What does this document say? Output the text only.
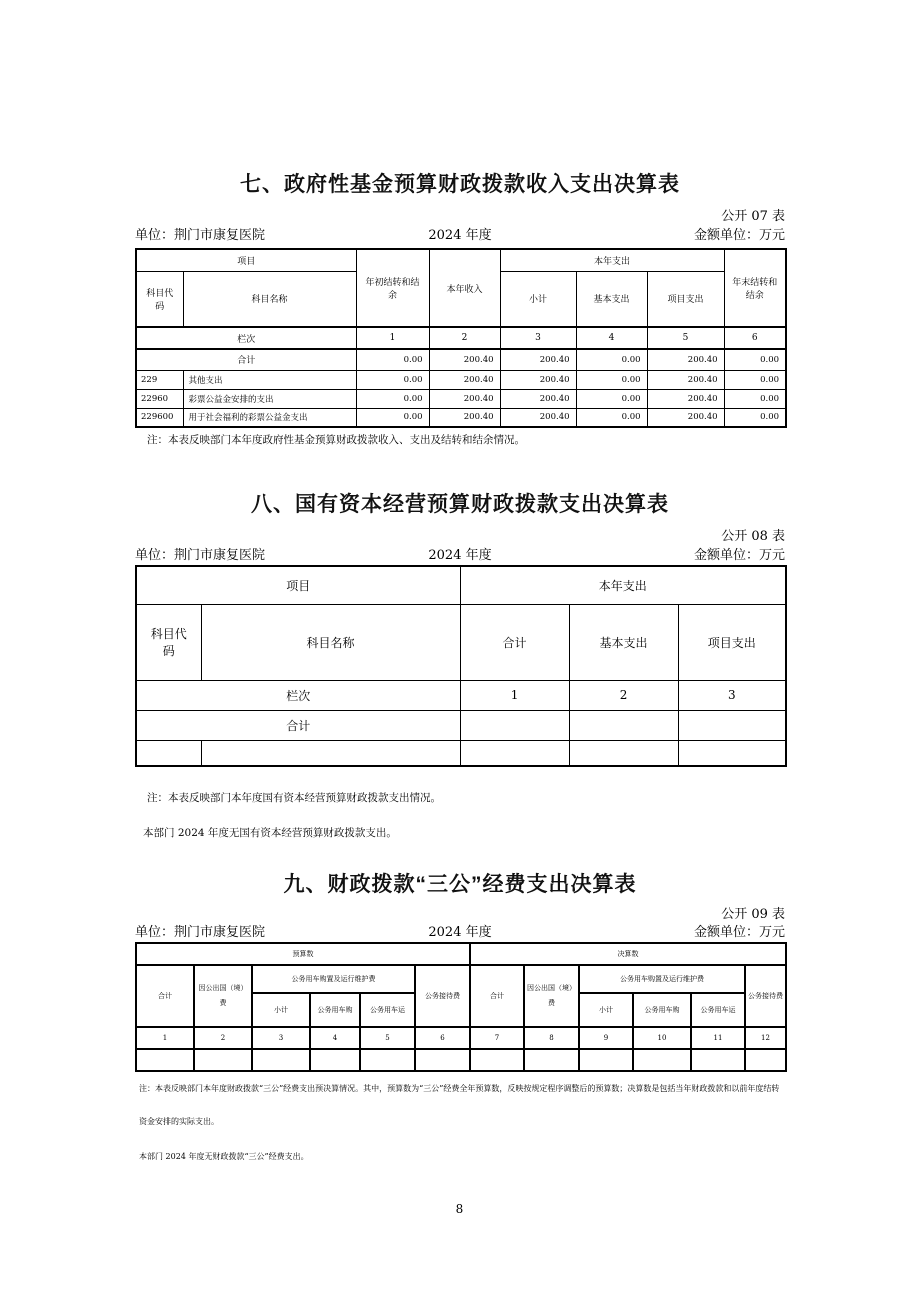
七、政府性基金预算财政拨款收入支出决算表
公开 07 表
单位：荆门市康复医院	2024 年度	金额单位：万元
项目		年初结转和结余	本年收入	本年支出			年末结转和结余
科目代码	科目名称			小计	基本支出	项目支出	
栏次		1	2	3	4	5	6
合计		0.00	200.40	200.40	0.00	200.40	0.00
229	其他支出	0.00	200.40	200.40	0.00	200.40	0.00
22960	彩票公益金安排的支出	0.00	200.40	200.40	0.00	200.40	0.00
229600	用于社会福利的彩票公益金支出	0.00	200.40	200.40	0.00	200.40	0.00
注：本表反映部门本年度政府性基金预算财政拨款收入、支出及结转和结余情况。
八、国有资本经营预算财政拨款支出决算表
公开 08 表
单位：荆门市康复医院	2024 年度	金额单位：万元
项目		本年支出		
科目代码	科目名称	合计	基本支出	项目支出
栏次		1	2	3
合计				

注：本表反映部门本年度国有资本经营预算财政拨款支出情况。
本部门 2024 年度无国有资本经营预算财政拨款支出。
九、财政拨款“三公”经费支出决算表
公开 09 表
单位：荆门市康复医院	2024 年度	金额单位：万元
预算数						决算数					
合计	因公出国（境）费	公务用车购置及运行维护费			公务接待费	合计	因公出国（境）费	公务用车购置及运行维护费			公务接待费
		小计	公务用车购	公务用车运				小计	公务用车购	公务用车运	
1	2	3	4	5	6	7	8	9	10	11	12

注：本表反映部门本年度财政拨款“三公”经费支出预决算情况。其中，预算数为“三公”经费全年预算数，反映按规定程序调整后的预算数；决算数是包括当年财政拨款和以前年度结转资金安排的实际支出。
本部门 2024 年度无财政拨款“三公”经费支出。
8
